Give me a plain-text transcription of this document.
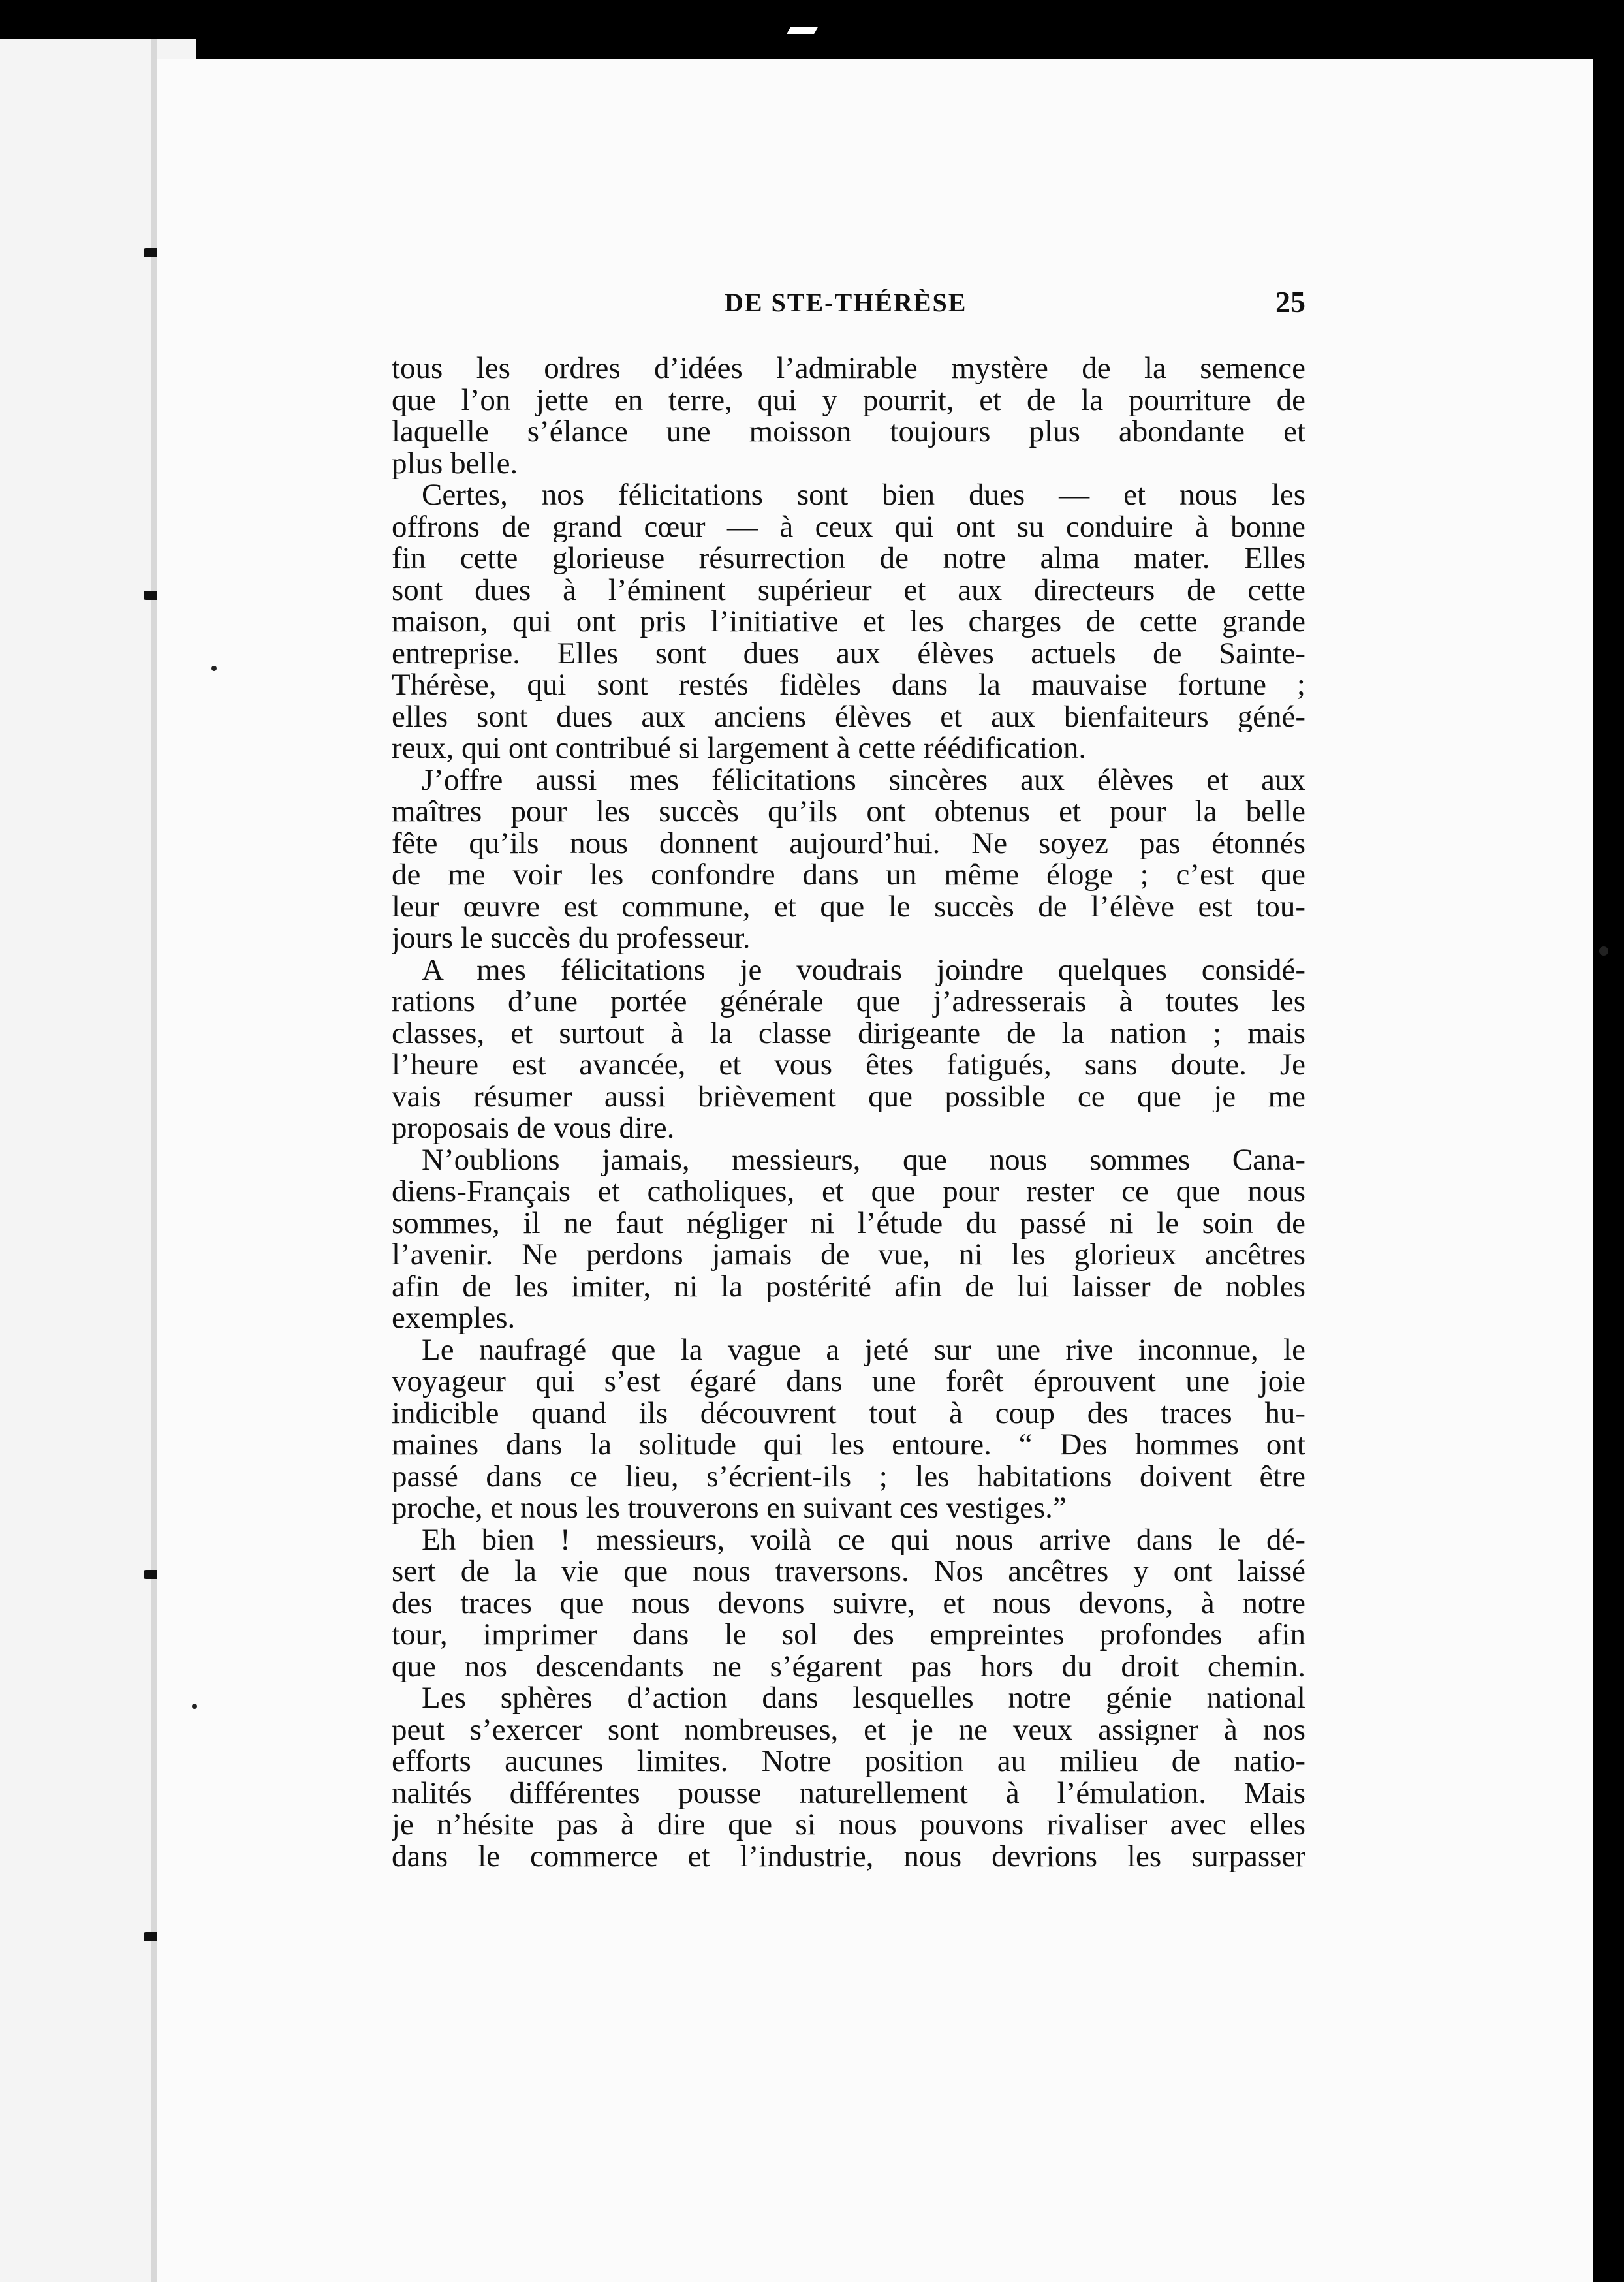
DE STE-THÉRÈSE	25
tous les ordres d’idées l’admirable mystère de la semence
que l’on jette en terre, qui y pourrit, et de la pourriture de
laquelle s’élance une moisson toujours plus abondante et
plus belle.
Certes, nos félicitations sont bien dues — et nous les
offrons de grand cœur — à ceux qui ont su conduire à bonne
fin cette glorieuse résurrection de notre alma mater. Elles
sont dues à l’éminent supérieur et aux directeurs de cette
maison, qui ont pris l’initiative et les charges de cette grande
entreprise. Elles sont dues aux élèves actuels de Sainte-
Thérèse, qui sont restés fidèles dans la mauvaise fortune ;
elles sont dues aux anciens élèves et aux bienfaiteurs géné-
reux, qui ont contribué si largement à cette réédification.
J’offre aussi mes félicitations sincères aux élèves et aux
maîtres pour les succès qu’ils ont obtenus et pour la belle
fête qu’ils nous donnent aujourd’hui. Ne soyez pas étonnés
de me voir les confondre dans un même éloge ; c’est que
leur œuvre est commune, et que le succès de l’élève est tou-
jours le succès du professeur.
A mes félicitations je voudrais joindre quelques considé-
rations d’une portée générale que j’adresserais à toutes les
classes, et surtout à la classe dirigeante de la nation ; mais
l’heure est avancée, et vous êtes fatigués, sans doute. Je
vais résumer aussi brièvement que possible ce que je me
proposais de vous dire.
N’oublions jamais, messieurs, que nous sommes Cana-
diens-Français et catholiques, et que pour rester ce que nous
sommes, il ne faut négliger ni l’étude du passé ni le soin de
l’avenir. Ne perdons jamais de vue, ni les glorieux ancêtres
afin de les imiter, ni la postérité afin de lui laisser de nobles
exemples.
Le naufragé que la vague a jeté sur une rive inconnue, le
voyageur qui s’est égaré dans une forêt éprouvent une joie
indicible quand ils découvrent tout à coup des traces hu-
maines dans la solitude qui les entoure. “ Des hommes ont
passé dans ce lieu, s’écrient-ils ; les habitations doivent être
proche, et nous les trouverons en suivant ces vestiges.”
Eh bien ! messieurs, voilà ce qui nous arrive dans le dé-
sert de la vie que nous traversons. Nos ancêtres y ont laissé
des traces que nous devons suivre, et nous devons, à notre
tour, imprimer dans le sol des empreintes profondes afin
que nos descendants ne s’égarent pas hors du droit chemin.
Les sphères d’action dans lesquelles notre génie national
peut s’exercer sont nombreuses, et je ne veux assigner à nos
efforts aucunes limites. Notre position au milieu de natio-
nalités différentes pousse naturellement à l’émulation. Mais
je n’hésite pas à dire que si nous pouvons rivaliser avec elles
dans le commerce et l’industrie, nous devrions les surpasser
